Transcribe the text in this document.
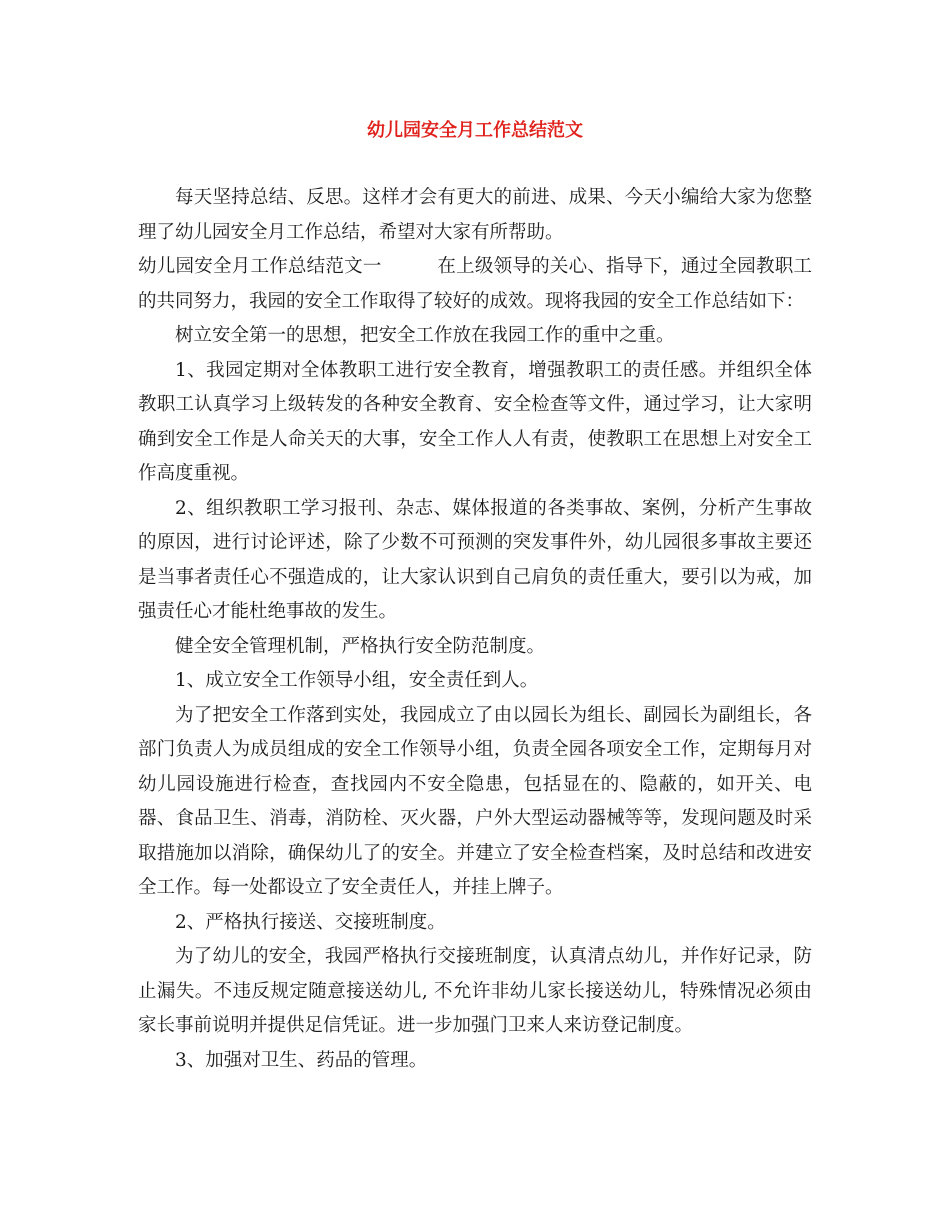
幼儿园安全月工作总结范文

每天坚持总结、反思。这样才会有更大的前进、成果、今天小编给大家为您整理了幼儿园安全月工作总结，希望对大家有所帮助。

幼儿园安全月工作总结范文一	在上级领导的关心、指导下，通过全园教职工的共同努力，我园的安全工作取得了较好的成效。现将我园的安全工作总结如下：

树立安全第一的思想，把安全工作放在我园工作的重中之重。

1、我园定期对全体教职工进行安全教育，增强教职工的责任感。并组织全体教职工认真学习上级转发的各种安全教育、安全检查等文件，通过学习，让大家明确到安全工作是人命关天的大事，安全工作人人有责，使教职工在思想上对安全工作高度重视。

2、组织教职工学习报刊、杂志、媒体报道的各类事故、案例，分析产生事故的原因，进行讨论评述，除了少数不可预测的突发事件外，幼儿园很多事故主要还是当事者责任心不强造成的，让大家认识到自己肩负的责任重大，要引以为戒，加强责任心才能杜绝事故的发生。

健全安全管理机制，严格执行安全防范制度。

1、成立安全工作领导小组，安全责任到人。

为了把安全工作落到实处，我园成立了由以园长为组长、副园长为副组长，各部门负责人为成员组成的安全工作领导小组，负责全园各项安全工作，定期每月对幼儿园设施进行检查，查找园内不安全隐患，包括显在的、隐蔽的，如开关、电器、食品卫生、消毒，消防栓、灭火器，户外大型运动器械等等，发现问题及时采取措施加以消除，确保幼儿了的安全。并建立了安全检查档案，及时总结和改进安全工作。每一处都设立了安全责任人，并挂上牌子。

2、严格执行接送、交接班制度。

为了幼儿的安全，我园严格执行交接班制度，认真清点幼儿，并作好记录，防止漏失。不违反规定随意接送幼儿, 不允许非幼儿家长接送幼儿，特殊情况必须由家长事前说明并提供足信凭证。进一步加强门卫来人来访登记制度。

3、加强对卫生、药品的管理。
